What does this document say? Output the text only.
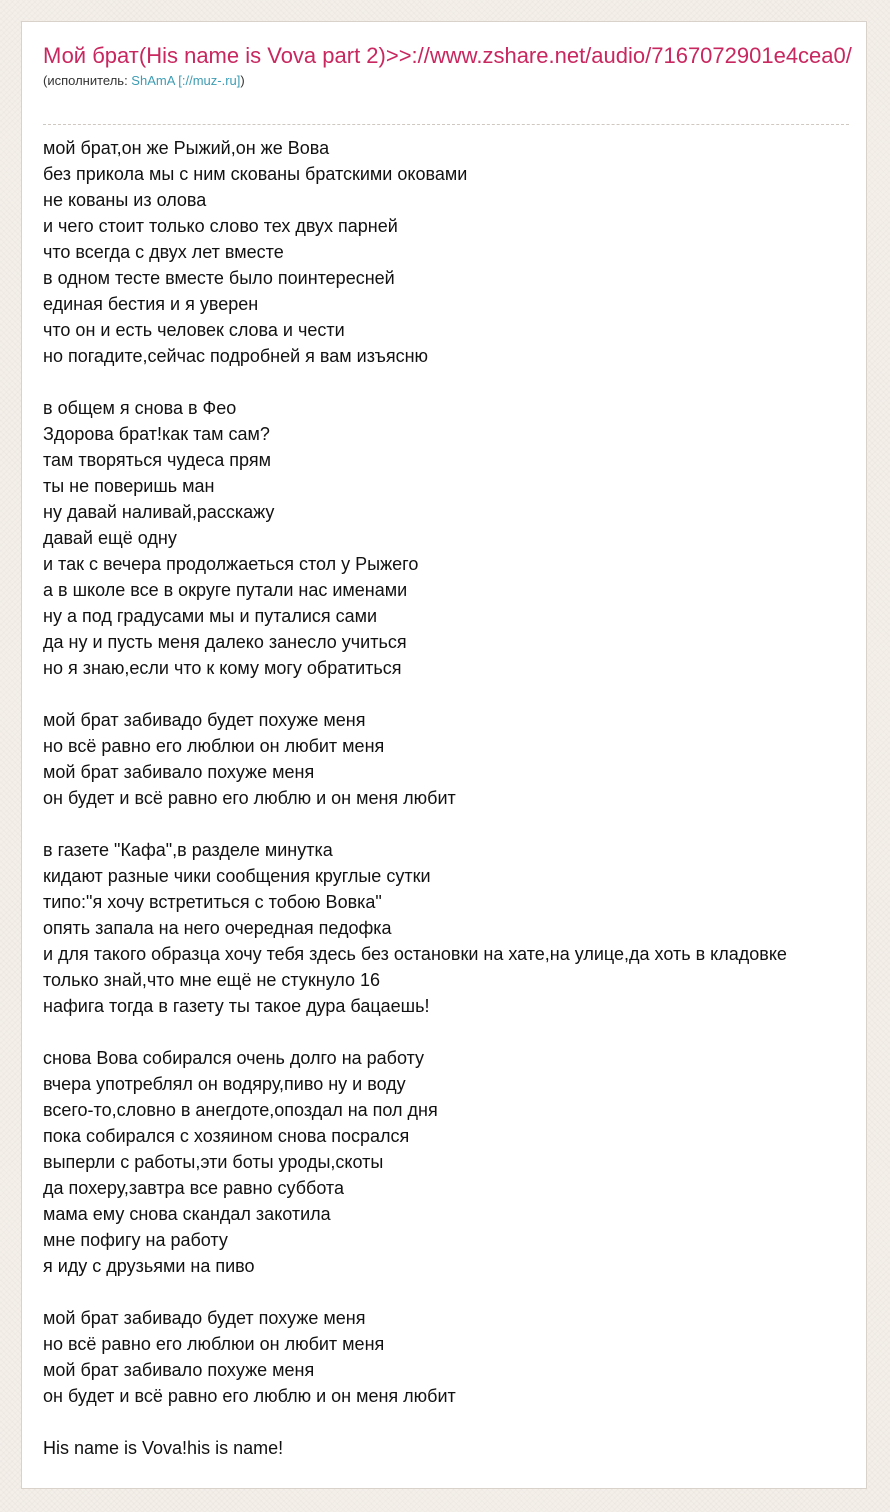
Мой брат(His name is Vova part 2)>>://www.zshare.net/audio/7167072901e4cea0/
(исполнитель: ShAmA [://muz-.ru])
мой брат,он же Рыжий,он же Вова
без прикола мы с ним скованы братскими оковами
не кованы из олова
и чего стоит только слово тех двух парней
что всегда с двух лет вместе
в одном тесте вместе было поинтересней
единая бестия и я уверен
что он и есть человек слова и чести
но погадите,сейчас подробней я вам изъясню
в общем я снова в Фео
Здорова брат!как там сам?
там творяться чудеса прям
ты не поверишь ман
ну давай наливай,расскажу
давай ещё одну
и так с вечера продолжаеться стол у Рыжего
а в школе все в округе путали нас именами
ну а под градусами мы и путалися сами
да ну и пусть меня далеко занесло учиться
но я знаю,если что к кому могу обратиться
мой брат забивадо будет похуже меня
но всё равно его люблюи он любит меня
мой брат забивало похуже меня
он будет и всё равно его люблю и он меня любит
в газете "Кафа",в разделе минутка
кидают разные чики сообщения круглые сутки
типо:"я хочу встретиться с тобою Вовка"
опять запала на него очередная педофка
и для такого образца хочу тебя здесь без остановки на хате,на улице,да хоть в кладовке
только знай,что мне ещё не стукнуло 16
нафига тогда в газету ты такое дура бацаешь!
снова Вова собирался очень долго на работу
вчера употреблял он водяру,пиво ну и воду
всего-то,словно в анегдоте,опоздал на пол дня
пока собирался с хозяином снова посрался
выперли с работы,эти боты уроды,скоты
да похеру,завтра все равно суббота
мама ему снова скандал закотила
мне пофигу на работу
я иду с друзьями на пиво
мой брат забивадо будет похуже меня
но всё равно его люблюи он любит меня
мой брат забивало похуже меня
он будет и всё равно его люблю и он меня любит
His name is Vova!his is name!
